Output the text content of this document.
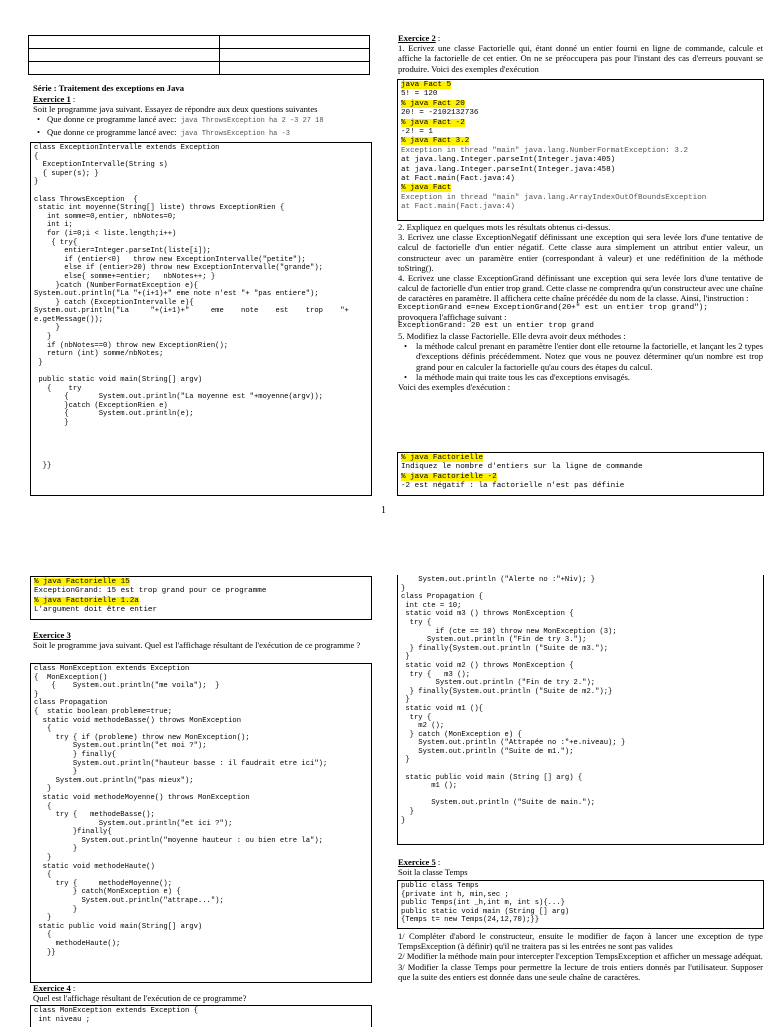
Série : Traitement des exceptions en Java
Exercice 1 :
Soit le programme java suivant. Essayez de répondre aux deux questions suivantes
• Que donne ce programme lancé avec: java ThrowsException ha 2 -3 27 18
• Que donne ce programme lancé avec: java ThrowsException ha -3
class ExceptionIntervalle extends Exception
{
ExceptionIntervalle(String s)
{ super(s); }
}

class ThrowsException  {
static int moyenne(String[] liste) throws ExceptionRien {
int somme=0,entier, nbNotes=0;
int i;
for (i=0;i < liste.length;i++)
{ try{
entier=Integer.parseInt(liste[i]);
if (entier<0)   throw new ExceptionIntervalle("petite");
else if (entier>20) throw new ExceptionIntervalle("grande");
else{ somme+=entier;   nbNotes++; }
}catch (NumberFormatException e){
System.out.println("La "+(i+1)+" eme note n'est "+ "pas entiere");
} catch (ExceptionIntervalle e){
System.out.println("La     "+(i+1)+"     eme    note    est    trop    "+
e.getMessage());
}
}
if (nbNotes==0) throw new ExceptionRien();
return (int) somme/nbNotes;
}

public static void main(String[] argv)
{    try
{       System.out.println("La moyenne est "+moyenne(argv));
}catch (ExceptionRien e)
{       System.out.println(e);
}

}}
Exercice 2 :
1. Ecrivez une classe Factorielle qui, étant donné un entier fourni en ligne de commande, calcule et affiche la factorielle de cet entier. On ne se préoccupera pas pour l'instant des cas d'erreurs pouvant se produire. Voici des exemples d'exécution
java Fact 5
5! = 120
% java Fact 20
20! = -2102132736
% java Fact -2
-2! = 1
% java Fact 3.2
Exception in thread "main" java.lang.NumberFormatException: 3.2
at java.lang.Integer.parseInt(Integer.java:405)
at java.lang.Integer.parseInt(Integer.java:458)
at Fact.main(Fact.java:4)
% java Fact
Exception in thread "main" java.lang.ArrayIndexOutOfBoundsException
at Fact.main(Fact.java:4)
2. Expliquez en quelques mots les résultats obtenus ci-dessus.
3. Ecrivez une classe ExceptionNegatif définissant une exception qui sera levée lors d'une tentative de calcul de factorielle d'un entier négatif. Cette classe aura simplement un attribut entier valeur, un constructeur avec un paramètre entier (correspondant à valeur) et une redéfinition de la méthode toString().
4. Ecrivez une classe ExceptionGrand définissant une exception qui sera levée lors d'une tentative de calcul de factorielle d'un entier trop grand. Cette classe ne comprendra qu'un constructeur avec une chaîne de caractères en paramètre. Il affichera cette chaîne précédée du nom de la classe. Ainsi, l'instruction :
ExceptionGrand e=new ExceptionGrand(20+" est un entier trop grand");
provoquera l'affichage suivant :
ExceptionGrand: 20 est un entier trop grand
5. Modifiez la classe Factorielle. Elle devra avoir deux méthodes :
• la méthode calcul prenant en paramètre l'entier dont elle retourne la factorielle, et lançant les 2 types d'exceptions définis précédemment. Notez que vous ne pouvez déterminer qu'un nombre est trop grand pour en calculer la factorielle qu'au cours des étapes du calcul.
• la méthode main qui traite tous les cas d'exceptions envisagés.
Voici des exemples d'exécution :
% java Factorielle
Indiquez le nombre d'entiers sur la ligne de commande
% java Factorielle -2
-2 est négatif : la factorielle n'est pas définie
1
% java Factorielle 15
ExceptionGrand: 15 est trop grand pour ce programme
% java Factorielle 1.2a
L'argument doit être entier
Exercice 3
Soit le programme java suivant. Quel est l'affichage résultant de l'exécution de ce programme ?
class MonException extends Exception
{  MonException()
{    System.out.println("me voila");  }
}
class Propagation
{  static boolean probleme=true;
static void methodeBasse() throws MonException
{
try { if (probleme) throw new MonException();
System.out.println("et moi ?");
} finally{
System.out.println("hauteur basse : il faudrait etre ici");
}
System.out.println("pas mieux");
}
static void methodeMoyenne() throws MonException
{
try {   methodeBasse();
System.out.println("et ici ?");
}finally{
System.out.println("moyenne hauteur : ou bien etre la");
}
}
static void methodeHaute()
{
try {     methodeMoyenne();
} catch(MonException e) {
System.out.println("attrape...");
}
}
static public void main(String[] argv)
{
methodeHaute();
}}
Exercice 4 :
Quel est l'affichage résultant de l'exécution de ce programme?
class MonException extends Exception {
int niveau ;
System.out.println ("Alerte no :"+Niv); }
}
class Propagation {
int cte = 10;
static void m3 () throws MonException {
try {
if (cte == 10) throw new MonException (3);
System.out.println ("Fin de try 3.");
} finally{System.out.println ("Suite de m3.");
}
static void m2 () throws MonException {
try {   m3 ();
System.out.println ("Fin de try 2.");
} finally{System.out.println ("Suite de m2.");}
}
static void m1 (){
try {
m2 ();
} catch (MonException e) {
System.out.println ("Attrapée no :"+e.niveau); }
System.out.println ("Suite de m1.");
}

static public void main (String [] arg) {
m1 ();

System.out.println ("Suite de main.");
}
}
Exercice 5 :
Soit la classe Temps
public class Temps
{private int h, min,sec ;
public Temps(int _h,int m, int s){...}
public static void main (String [] arg)
{Temps t= new Temps(24,12,70);}}
1/ Compléter d'abord le constructeur, ensuite le modifier de façon à lancer une exception de type TempsException (à définir) qu'il ne traitera pas si les entrées ne sont pas valides
2/ Modifier la méthode main pour intercepter l'exception TempsException et afficher un message adéquat.
3/ Modifier la classe Temps pour permettre la lecture de trois entiers donnés par l'utilisateur. Supposer que la suite des entiers est donnée dans une seule chaîne de caractères.
